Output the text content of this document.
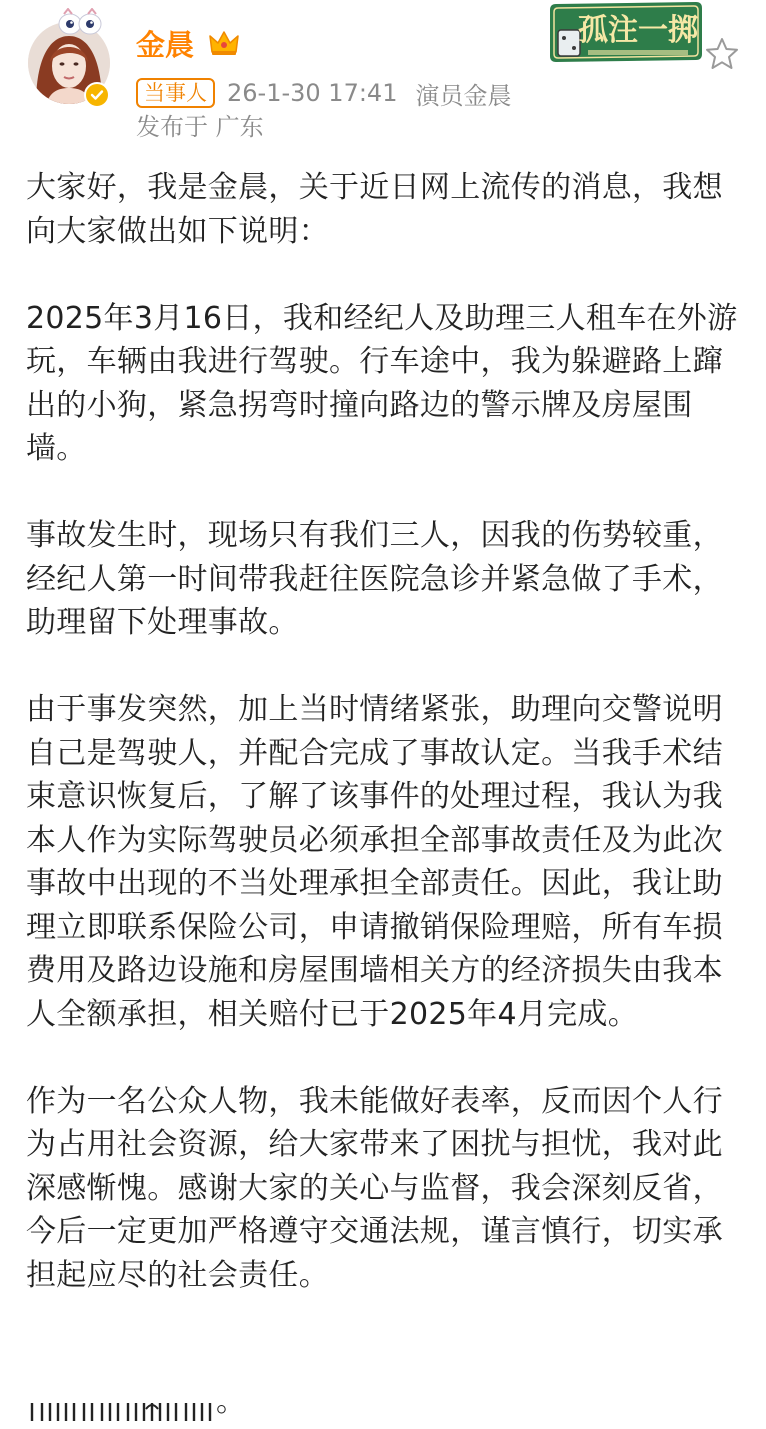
金晨
当事人 26-1-30 17:41 演员金晨
发布于 广东
孤注一掷

大家好，我是金晨，关于近日网上流传的消息，我想向大家做出如下说明：

2025年3月16日，我和经纪人及助理三人租车在外游玩，车辆由我进行驾驶。行车途中，我为躲避路上蹿出的小狗，紧急拐弯时撞向路边的警示牌及房屋围墙。

事故发生时，现场只有我们三人，因我的伤势较重，经纪人第一时间带我赶往医院急诊并紧急做了手术，助理留下处理事故。

由于事发突然，加上当时情绪紧张，助理向交警说明自己是驾驶人，并配合完成了事故认定。当我手术结束意识恢复后，了解了该事件的处理过程，我认为我本人作为实际驾驶员必须承担全部事故责任及为此次事故中出现的不当处理承担全部责任。因此，我让助理立即联系保险公司，申请撤销保险理赔，所有车损费用及路边设施和房屋围墙相关方的经济损失由我本人全额承担，相关赔付已于2025年4月完成。

作为一名公众人物，我未能做好表率，反而因个人行为占用社会资源，给大家带来了困扰与担忧，我对此深感惭愧。感谢大家的关心与监督，我会深刻反省，今后一定更加严格遵守交通法规，谨言慎行，切实承担起应尽的社会责任。

。
